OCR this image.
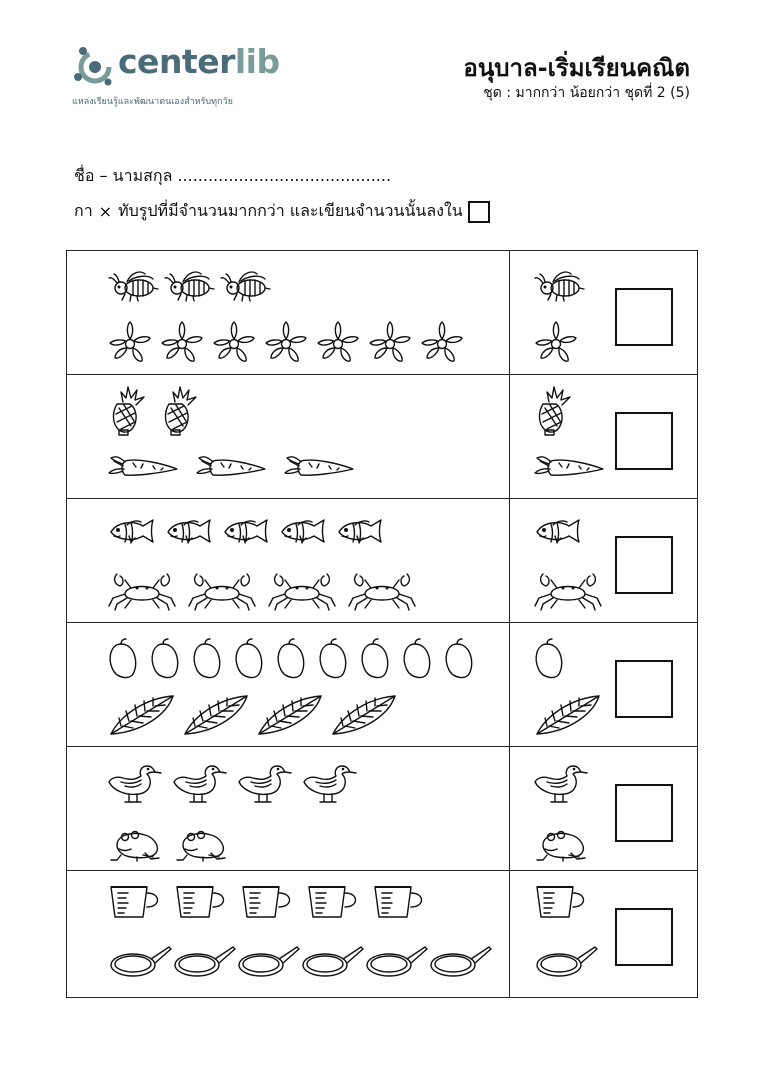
centerlib
แหล่งเรียนรู้และพัฒนาตนเองสำหรับทุกวัย
อนุบาล-เริ่มเรียนคณิต
ชุด : มากกว่า น้อยกว่า ชุดที่ 2 (5)
ชื่อ – นามสกุล ..........................................
กา × ทับรูปที่มีจำนวนมากกว่า และเขียนจำนวนนั้นลงใน
